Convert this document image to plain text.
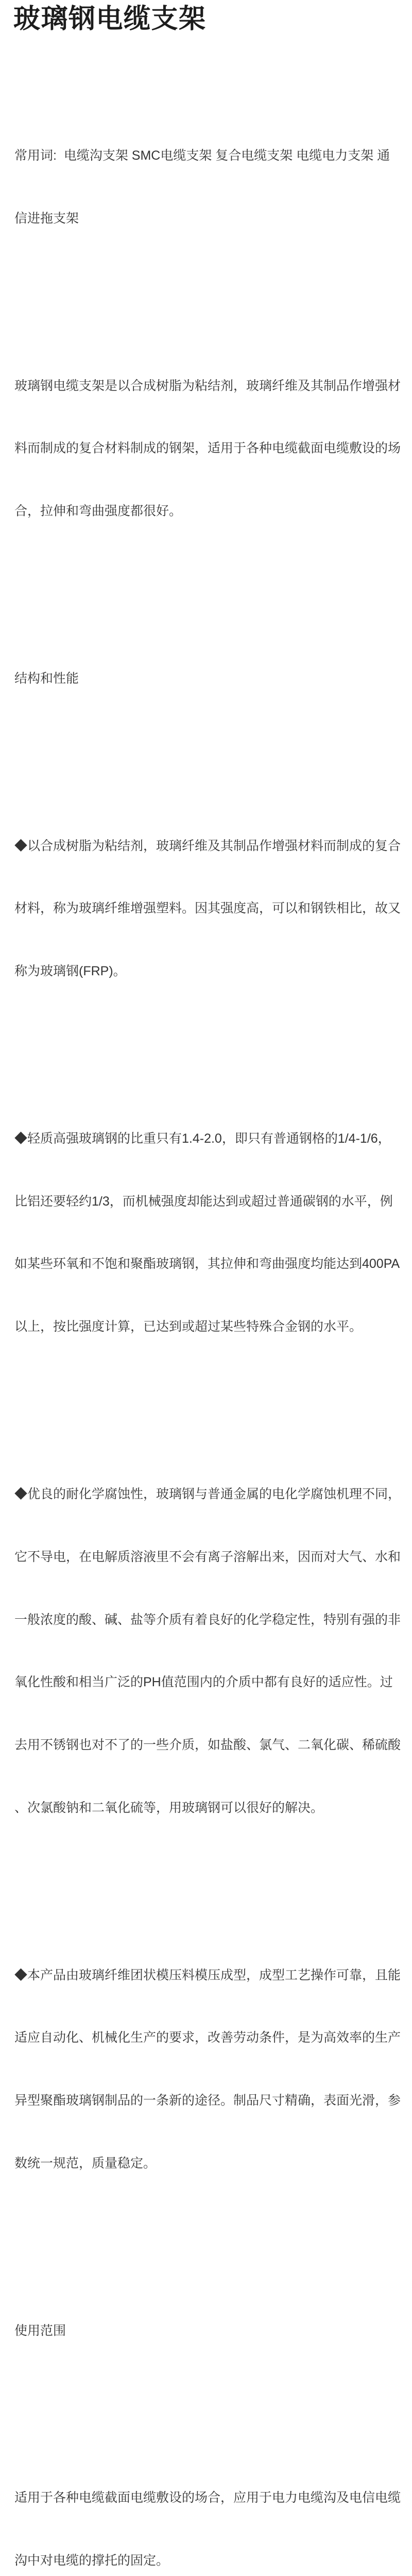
玻璃钢电缆支架

常用词:  电缆沟支架 SMC电缆支架 复合电缆支架 电缆电力支架 通

信进拖支架

玻璃钢电缆支架是以合成树脂为粘结剂，玻璃纤维及其制品作增强材

料而制成的复合材料制成的钢架，适用于各种电缆截面电缆敷设的场

合，拉伸和弯曲强度都很好。

结构和性能

◆以合成树脂为粘结剂，玻璃纤维及其制品作增强材料而制成的复合

材料，称为玻璃纤维增强塑料。因其强度高，可以和钢铁相比，故又

称为玻璃钢(FRP)。

◆轻质高强玻璃钢的比重只有1.4-2.0，即只有普通钢格的1/4-1/6，

比铝还要轻约1/3，而机械强度却能达到或超过普通碳钢的水平，例

如某些环氧和不饱和聚酯玻璃钢，其拉伸和弯曲强度均能达到400PA

以上，按比强度计算，已达到或超过某些特殊合金钢的水平。

◆优良的耐化学腐蚀性，玻璃钢与普通金属的电化学腐蚀机理不同，

它不导电，在电解质溶液里不会有离子溶解出来，因而对大气、水和

一般浓度的酸、碱、盐等介质有着良好的化学稳定性，特别有强的非

氧化性酸和相当广泛的PH值范围内的介质中都有良好的适应性。过

去用不锈钢也对不了的一些介质，如盐酸、氯气、二氧化碳、稀硫酸

、次氯酸钠和二氧化硫等，用玻璃钢可以很好的解决。

◆本产品由玻璃纤维团状模压料模压成型，成型工艺操作可靠，且能

适应自动化、机械化生产的要求，改善劳动条件，是为高效率的生产

异型聚酯玻璃钢制品的一条新的途径。制品尺寸精确，表面光滑，参

数统一规范，质量稳定。

使用范围

适用于各种电缆截面电缆敷设的场合，应用于电力电缆沟及电信电缆

沟中对电缆的撑托的固定。
